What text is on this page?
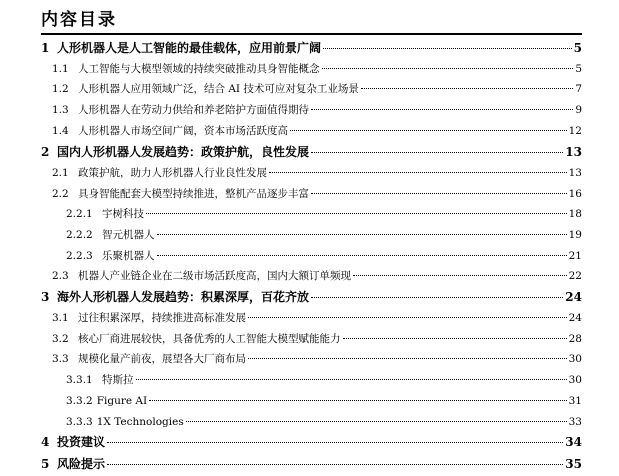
内容目录
1 人形机器人是人工智能的最佳载体，应用前景广阔	5
1.1 人工智能与大模型领域的持续突破推动具身智能概念	5
1.2 人形机器人应用领域广泛，结合 AI 技术可应对复杂工业场景	7
1.3 人形机器人在劳动力供给和养老陪护方面值得期待	9
1.4 人形机器人市场空间广阔，资本市场活跃度高	12
2 国内人形机器人发展趋势：政策护航，良性发展	13
2.1 政策护航，助力人形机器人行业良性发展	13
2.2 具身智能配套大模型持续推进，整机产品逐步丰富	16
2.2.1 宇树科技	18
2.2.2 智元机器人	19
2.2.3 乐聚机器人	21
2.3 机器人产业链企业在二级市场活跃度高，国内大额订单频现	22
3 海外人形机器人发展趋势：积累深厚，百花齐放	24
3.1 过往积累深厚，持续推进高标准发展	24
3.2 核心厂商进展较快，具备优秀的人工智能大模型赋能能力	28
3.3 规模化量产前夜，展望各大厂商布局	30
3.3.1 特斯拉	30
3.3.2 Figure AI	31
3.3.3 1X Technologies	33
4 投资建议	34
5 风险提示	35
